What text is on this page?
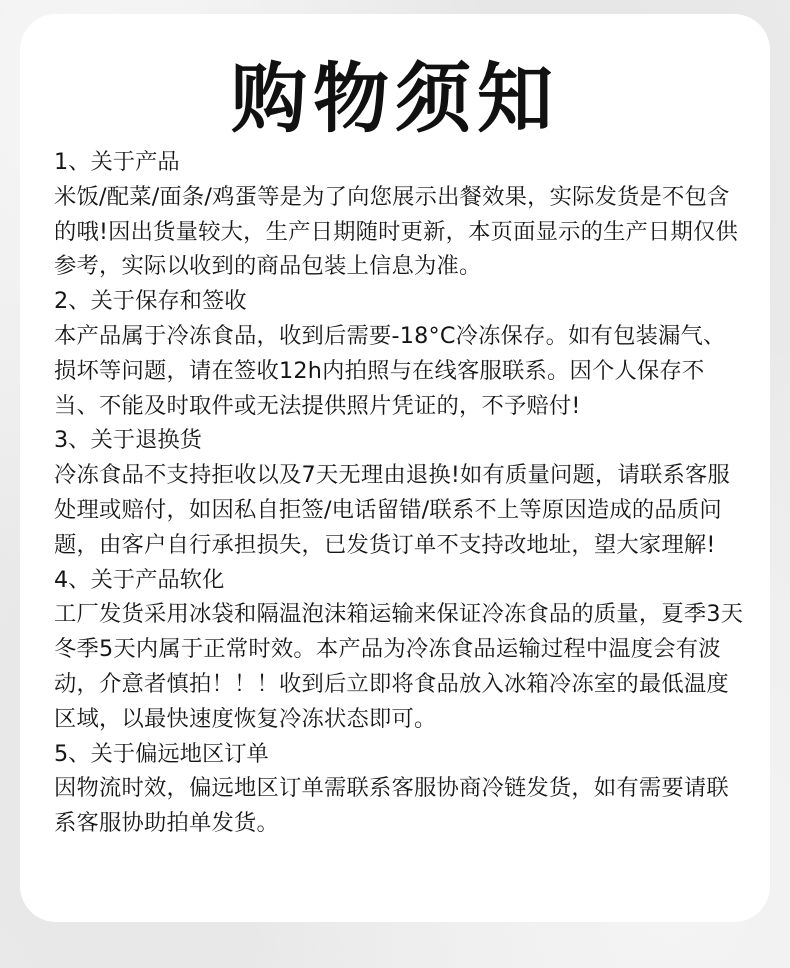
购物须知

1、关于产品

米饭/配菜/面条/鸡蛋等是为了向您展示出餐效果，实际发货是不包含的哦!因出货量较大，生产日期随时更新，本页面显示的生产日期仅供参考，实际以收到的商品包装上信息为准。

2、关于保存和签收

本产品属于冷冻食品，收到后需要-18°C冷冻保存。如有包装漏气、损坏等问题，请在签收12h内拍照与在线客服联系。因个人保存不当、不能及时取件或无法提供照片凭证的，不予赔付!

3、关于退换货

冷冻食品不支持拒收以及7天无理由退换!如有质量问题，请联系客服处理或赔付，如因私自拒签/电话留错/联系不上等原因造成的品质问题，由客户自行承担损失，已发货订单不支持改地址，望大家理解!

4、关于产品软化

工厂发货采用冰袋和隔温泡沫箱运输来保证冷冻食品的质量，夏季3天冬季5天内属于正常时效。本产品为冷冻食品运输过程中温度会有波动，介意者慎拍！！！收到后立即将食品放入冰箱冷冻室的最低温度区域，以最快速度恢复冷冻状态即可。

5、关于偏远地区订单

因物流时效，偏远地区订单需联系客服协商冷链发货，如有需要请联系客服协助拍单发货。
